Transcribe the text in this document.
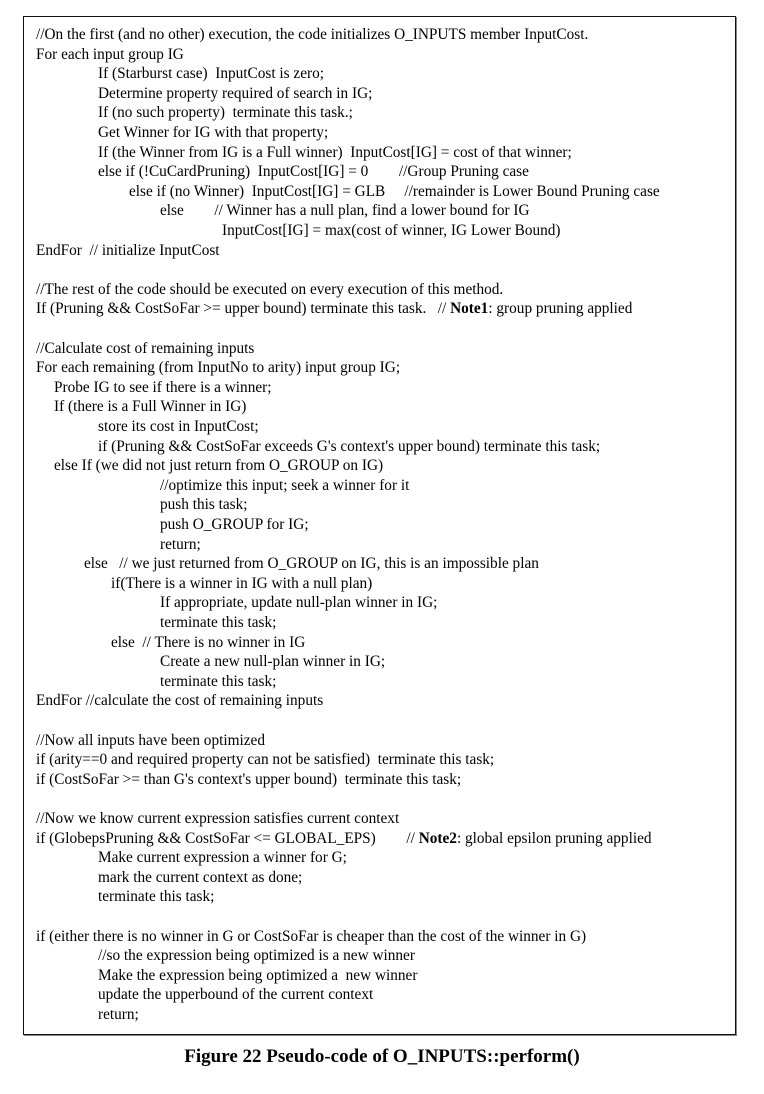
//On the first (and no other) execution, the code initializes O_INPUTS member InputCost.
For each input group IG
If (Starburst case)  InputCost is zero;
Determine property required of search in IG;
If (no such property)  terminate this task.;
Get Winner for IG with that property;
If (the Winner from IG is a Full winner)  InputCost[IG] = cost of that winner;
else if (!CuCardPruning)  InputCost[IG] = 0        //Group Pruning case
else if (no Winner)  InputCost[IG] = GLB     //remainder is Lower Bound Pruning case
else        // Winner has a null plan, find a lower bound for IG
InputCost[IG] = max(cost of winner, IG Lower Bound)
EndFor  // initialize InputCost
//The rest of the code should be executed on every execution of this method.
If (Pruning && CostSoFar >= upper bound) terminate this task.   // Note1: group pruning applied
//Calculate cost of remaining inputs
For each remaining (from InputNo to arity) input group IG;
Probe IG to see if there is a winner;
If (there is a Full Winner in IG)
store its cost in InputCost;
if (Pruning && CostSoFar exceeds G's context's upper bound) terminate this task;
else If (we did not just return from O_GROUP on IG)
//optimize this input; seek a winner for it
push this task;
push O_GROUP for IG;
return;
else   // we just returned from O_GROUP on IG, this is an impossible plan
if(There is a winner in IG with a null plan)
If appropriate, update null-plan winner in IG;
terminate this task;
else  // There is no winner in IG
Create a new null-plan winner in IG;
terminate this task;
EndFor //calculate the cost of remaining inputs
//Now all inputs have been optimized
if (arity==0 and required property can not be satisfied)  terminate this task;
if (CostSoFar >= than G's context's upper bound)  terminate this task;
//Now we know current expression satisfies current context
if (GlobepsPruning && CostSoFar <= GLOBAL_EPS)        // Note2: global epsilon pruning applied
Make current expression a winner for G;
mark the current context as done;
terminate this task;
if (either there is no winner in G or CostSoFar is cheaper than the cost of the winner in G)
//so the expression being optimized is a new winner
Make the expression being optimized a  new winner
update the upperbound of the current context
return;
Figure 22 Pseudo-code of O_INPUTS::perform()
